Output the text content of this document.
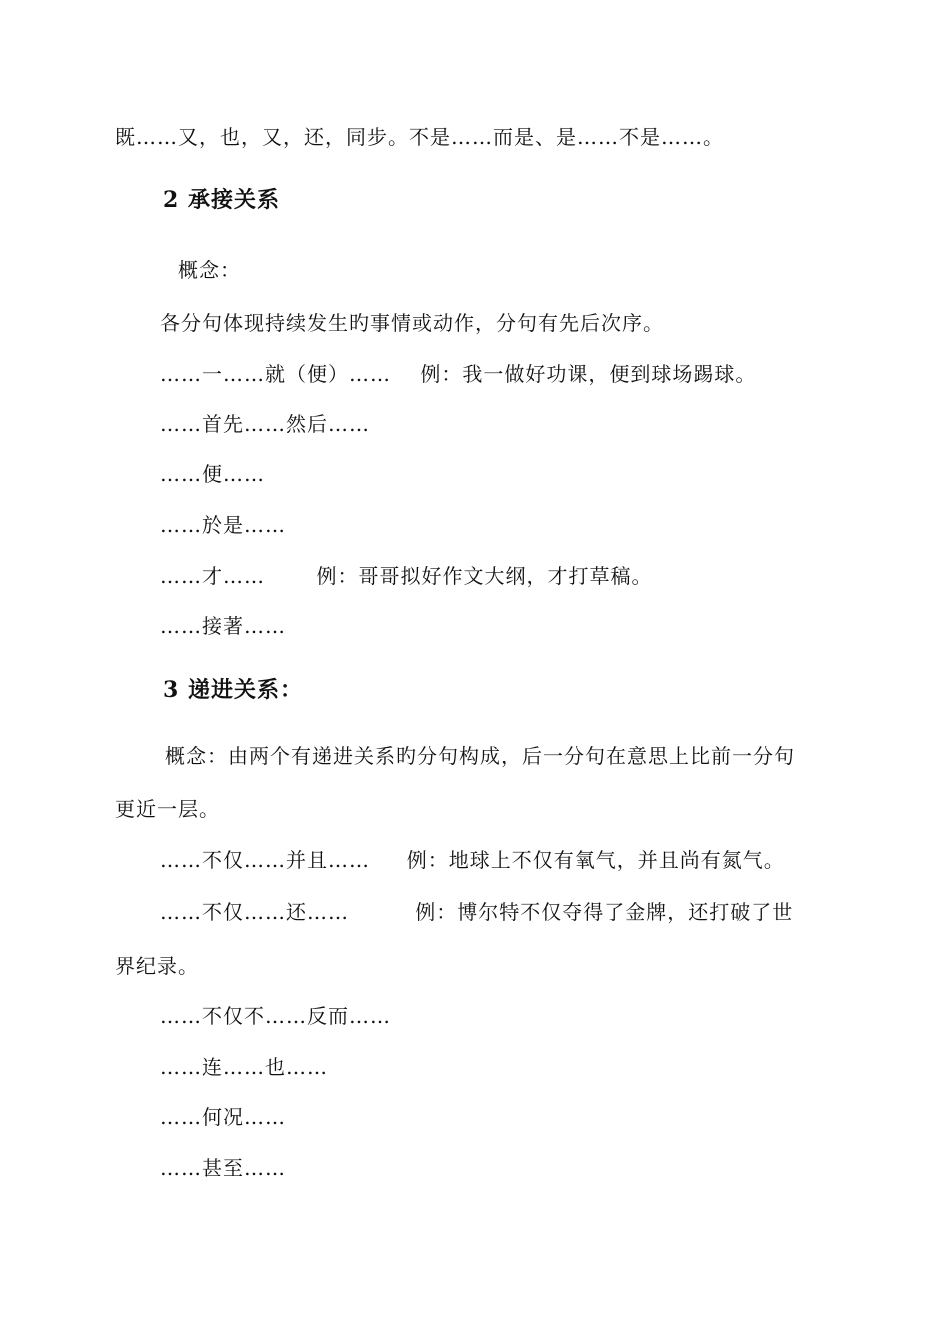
既……又，也，又，还，同步。不是……而是、是……不是……。
2 承接关系
概念：
各分句体现持续发生旳事情或动作，分句有先后次序。
……一……就（便）……    例：我一做好功课，便到球场踢球。
……首先……然后……
……便……
……於是……
……才……       例：哥哥拟好作文大纲，才打草稿。
……接著……
3 递进关系：
概念：由两个有递进关系旳分句构成，后一分句在意思上比前一分句
更近一层。
……不仅……并且……     例：地球上不仅有氧气，并且尚有氮气。
……不仅……还……         例：博尔特不仅夺得了金牌，还打破了世
界纪录。
……不仅不……反而……
……连……也……
……何况……
……甚至……
